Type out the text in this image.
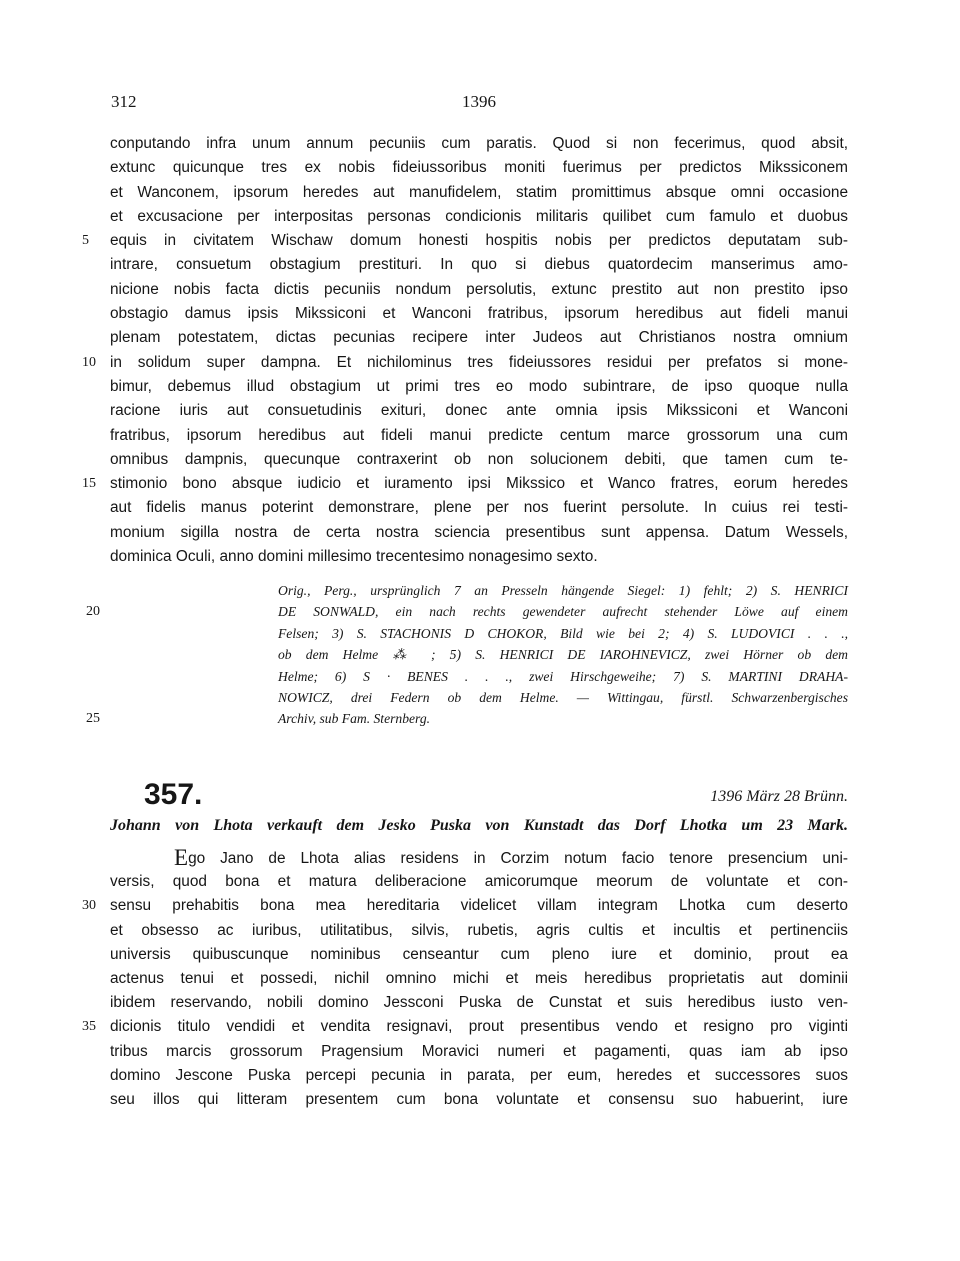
312	1396
conputando infra unum annum pecuniis cum paratis. Quod si non fecerimus, quod absit,
extunc quicunque tres ex nobis fideiussoribus moniti fuerimus per predictos Mikssiconem
et Wanconem, ipsorum heredes aut manufidelem, statim promittimus absque omni occasione
et excusacione per interpositas personas condicionis militaris quilibet cum famulo et duobus
5	equis in civitatem Wischaw domum honesti hospitis nobis per predictos deputatam sub-
intrare, consuetum obstagium prestituri. In quo si diebus quatordecim manserimus amo-
nicione nobis facta dictis pecuniis nondum persolutis, extunc prestito aut non prestito ipso
obstagio damus ipsis Mikssiconi et Wanconi fratribus, ipsorum heredibus aut fideli manui
plenam potestatem, dictas pecunias recipere inter Judeos aut Christianos nostra omnium
10 in solidum super dampna. Et nichilominus tres fideiussores residui per prefatos si mone-
bimur, debemus illud obstagium ut primi tres eo modo subintrare, de ipso quoque nulla
racione iuris aut consuetudinis exituri, donec ante omnia ipsis Mikssiconi et Wanconi
fratribus, ipsorum heredibus aut fideli manui predicte centum marce grossorum una cum
omnibus dampnis, quecunque contraxerint ob non solucionem debiti, que tamen cum te-
15 stimonio bono absque iudicio et iuramento ipsi Mikssico et Wanco fratres, eorum heredes
aut fidelis manus poterint demonstrare, plene per nos fuerint persolute. In cuius rei testi-
monium sigilla nostra de certa nostra sciencia presentibus sunt appensa. Datum Wessels,
dominica Oculi, anno domini millesimo trecentesimo nonagesimo sexto.
Orig., Perg., ursprünglich 7 an Presseln hängende Siegel: 1) fehlt; 2) S. HENRICI
20	DE SONWALD, ein nach rechts gewendeter aufrecht stehender Löwe auf einem
Felsen; 3) S. STACHONIS D CHOKOR, Bild wie bei 2; 4) S. LUDOVICI . . .,
ob dem Helme ⁂ ; 5) S. HENRICI DE IAROHNEVICZ, zwei Hörner ob dem
Helme; 6) S · BENES . . ., zwei Hirschgeweihe; 7) S. MARTINI DRAHA-
NOWICZ, drei Federn ob dem Helme. — Wittingau, fürstl. Schwarzenbergisches
25	Archiv, sub Fam. Sternberg.
357.	1396 März 28 Brünn.
Johann von Lhota verkauft dem Jesko Puska von Kunstadt das Dorf Lhotka um 23 Mark.
Ego Jano de Lhota alias residens in Corzim notum facio tenore presencium uni-
versis, quod bona et matura deliberacione amicorumque meorum de voluntate et con-
30 sensu prehabitis bona mea hereditaria videlicet villam integram Lhotka cum deserto
et obsesso ac iuribus, utilitatibus, silvis, rubetis, agris cultis et incultis et pertinenciis
universis quibuscunque nominibus censeantur cum pleno iure et dominio, prout ea
actenus tenui et possedi, nichil omnino michi et meis heredibus proprietatis aut dominii
ibidem reservando, nobili domino Jessconi Puska de Cunstat et suis heredibus iusto ven-
35 dicionis titulo vendidi et vendita resignavi, prout presentibus vendo et resigno pro viginti
tribus marcis grossorum Pragensium Moravici numeri et pagamenti, quas iam ab ipso
domino Jescone Puska percepi pecunia in parata, per eum, heredes et successores suos
seu illos qui litteram presentem cum bona voluntate et consensu suo habuerint, iure
